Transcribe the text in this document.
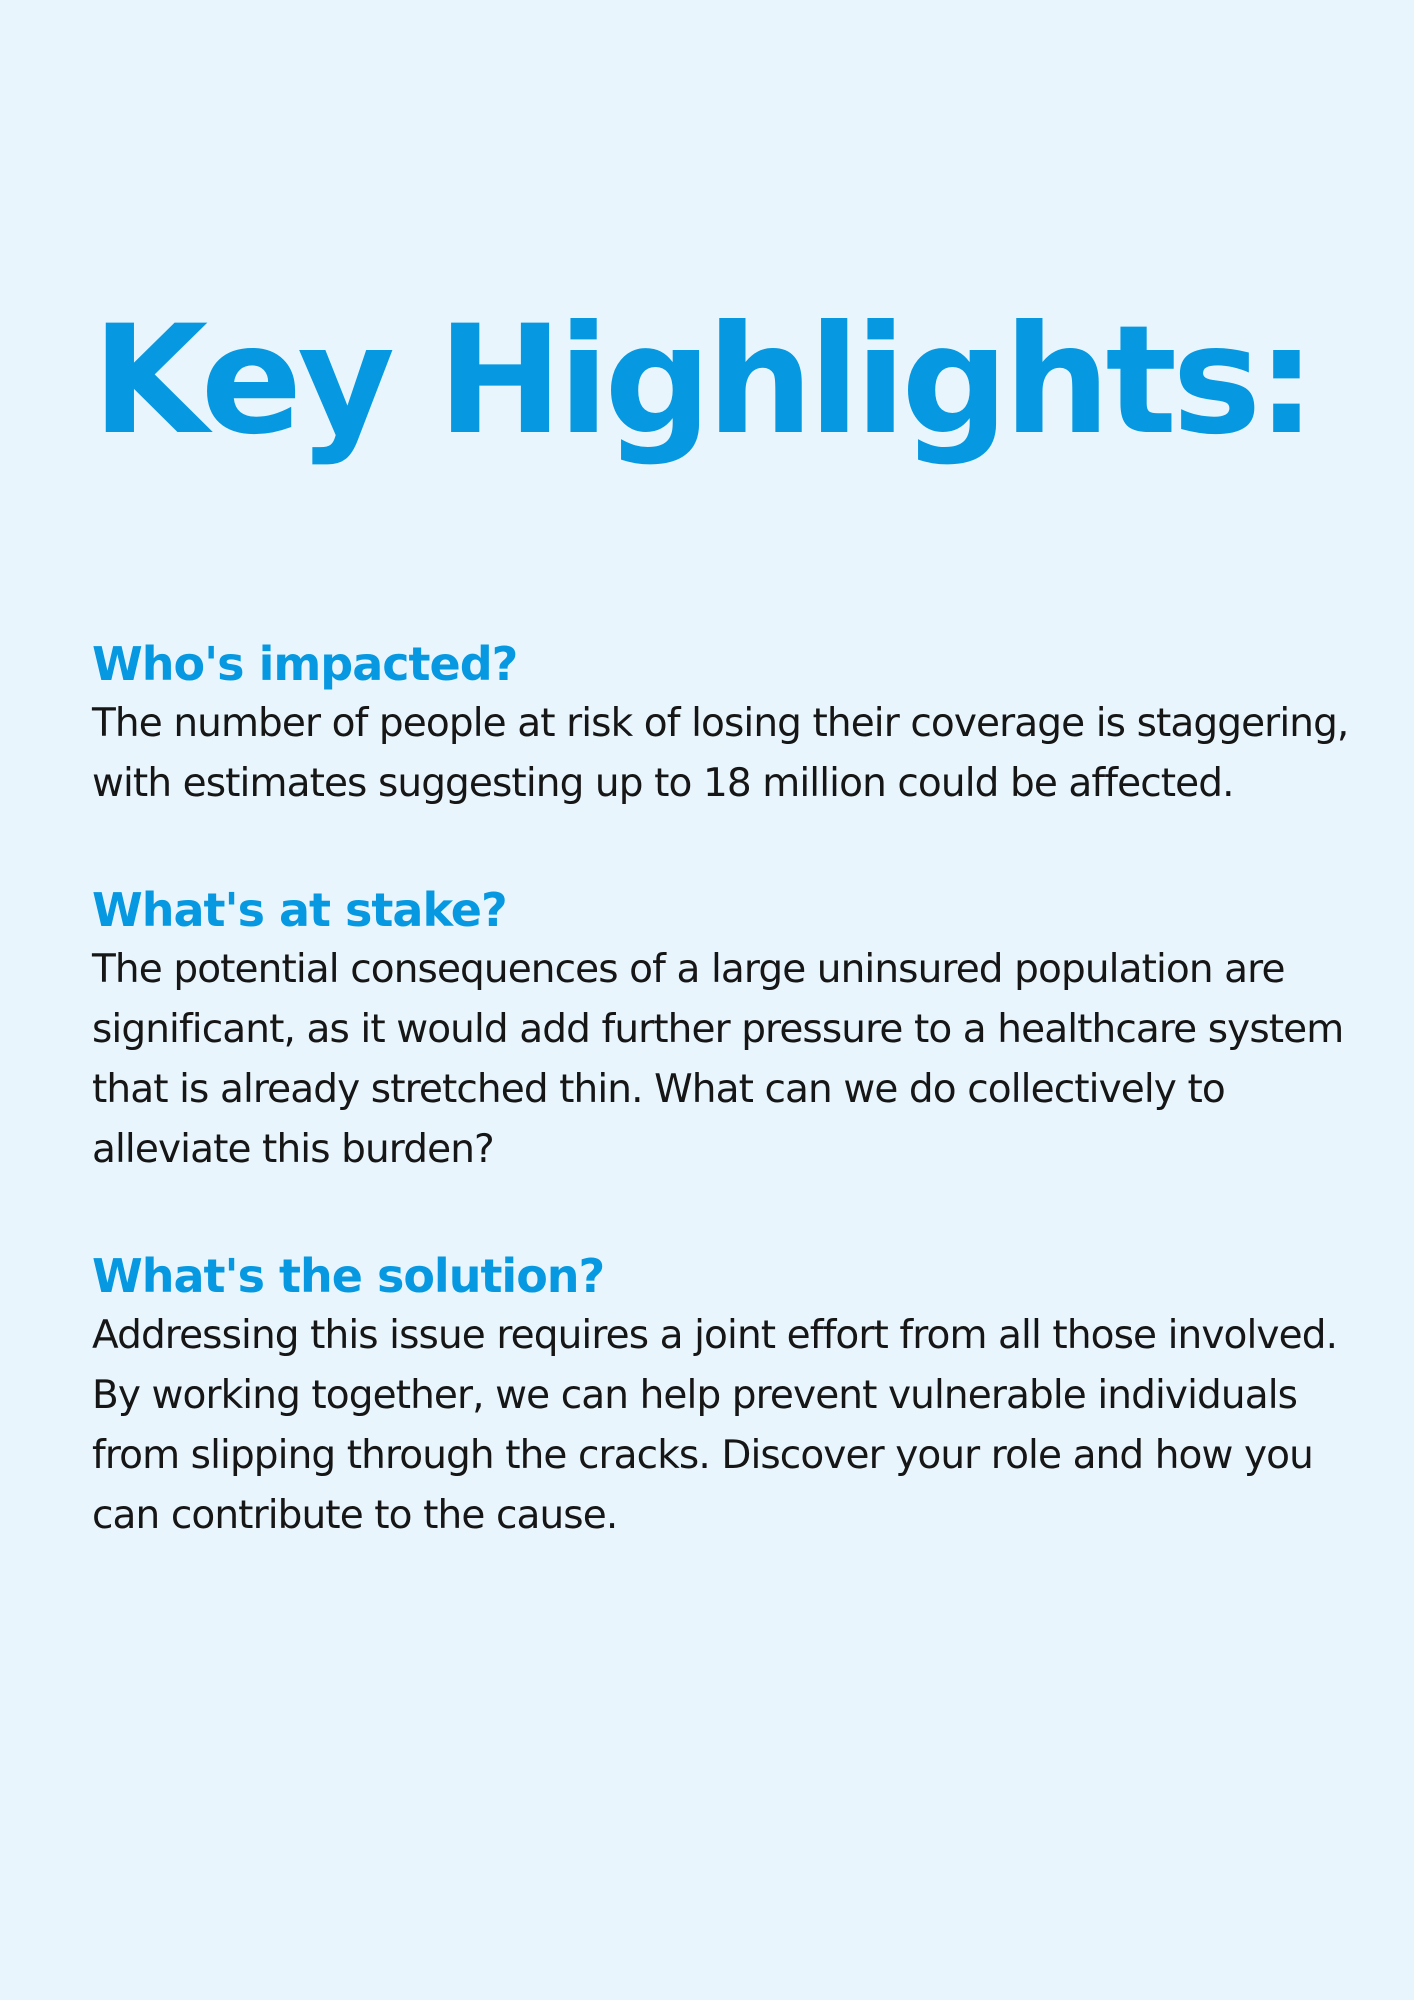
Key Highlights:
Who's impacted?

The number of people at risk of losing their coverage is staggering, with estimates suggesting up to 18 million could be affected.

What's at stake?

The potential consequences of a large uninsured population are significant, as it would add further pressure to a healthcare system that is already stretched thin. What can we do collectively to alleviate this burden?

What's the solution?

Addressing this issue requires a joint effort from all those involved. By working together, we can help prevent vulnerable individuals from slipping through the cracks. Discover your role and how you can contribute to the cause.
